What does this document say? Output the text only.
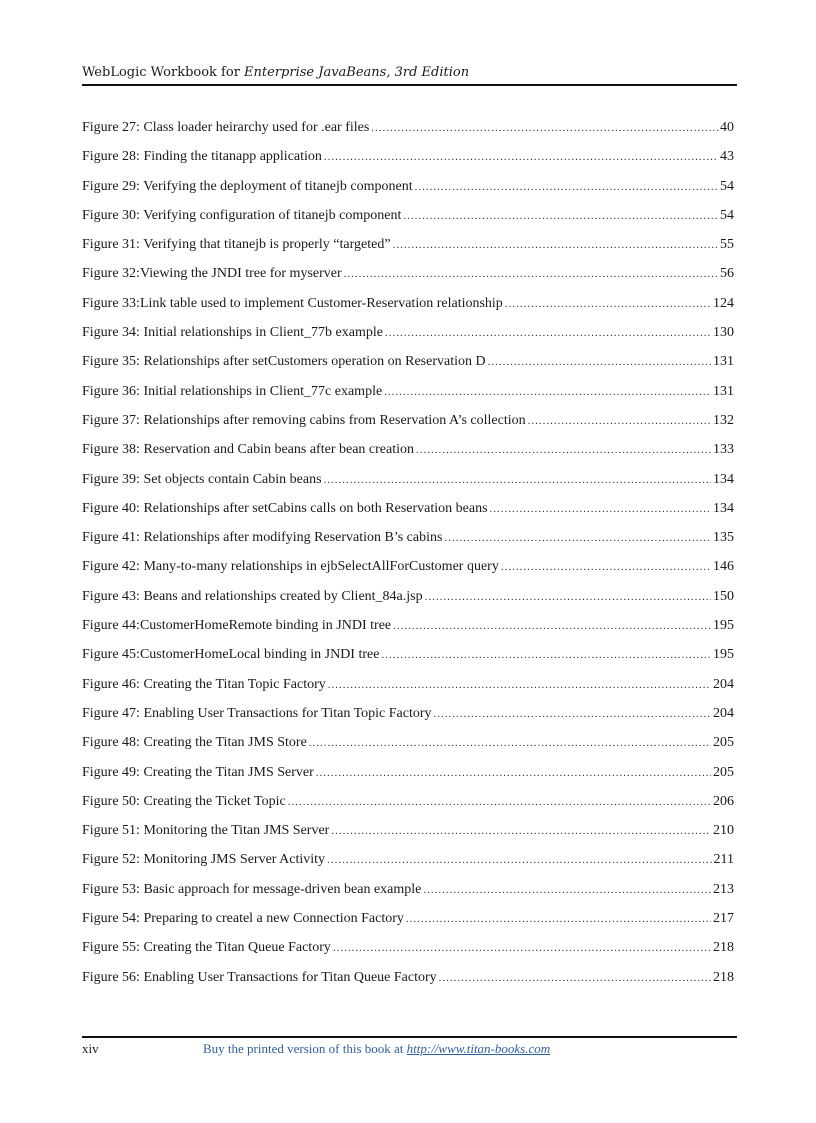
WebLogic Workbook for Enterprise JavaBeans, 3rd Edition
Figure 27: Class loader heirarchy used for .ear files .....	40
Figure 28: Finding the titanapp application .....	43
Figure 29: Verifying the deployment of titanejb component .....	54
Figure 30: Verifying configuration of titanejb component .....	54
Figure 31: Verifying that titanejb is properly “targeted” .....	55
Figure 32:Viewing the JNDI tree for myserver .....	56
Figure 33:Link table used to implement Customer-Reservation relationship .....	124
Figure 34: Initial relationships in Client_77b example .....	130
Figure 35: Relationships after setCustomers operation on Reservation D .....	131
Figure 36: Initial relationships in Client_77c example .....	131
Figure 37: Relationships after removing cabins from Reservation A’s collection .....	132
Figure 38: Reservation and Cabin beans after bean creation .....	133
Figure 39: Set objects contain Cabin beans .....	134
Figure 40: Relationships after setCabins calls on both Reservation beans .....	134
Figure 41: Relationships after modifying Reservation B’s cabins .....	135
Figure 42: Many-to-many relationships in ejbSelectAllForCustomer query .....	146
Figure 43: Beans and relationships created by Client_84a.jsp .....	150
Figure 44:CustomerHomeRemote binding in JNDI tree .....	195
Figure 45:CustomerHomeLocal binding in JNDI tree .....	195
Figure 46: Creating the Titan Topic Factory .....	204
Figure 47: Enabling User Transactions for Titan Topic Factory .....	204
Figure 48: Creating the Titan JMS Store .....	205
Figure 49: Creating the Titan JMS Server .....	205
Figure 50: Creating the Ticket Topic .....	206
Figure 51: Monitoring the Titan JMS Server .....	210
Figure 52: Monitoring JMS Server Activity .....	211
Figure 53: Basic approach for message-driven bean example .....	213
Figure 54: Preparing to createl a new Connection Factory .....	217
Figure 55: Creating the Titan Queue Factory .....	218
Figure 56: Enabling User Transactions for Titan Queue Factory .....	218
xiv	Buy the printed version of this book at http://www.titan-books.com
